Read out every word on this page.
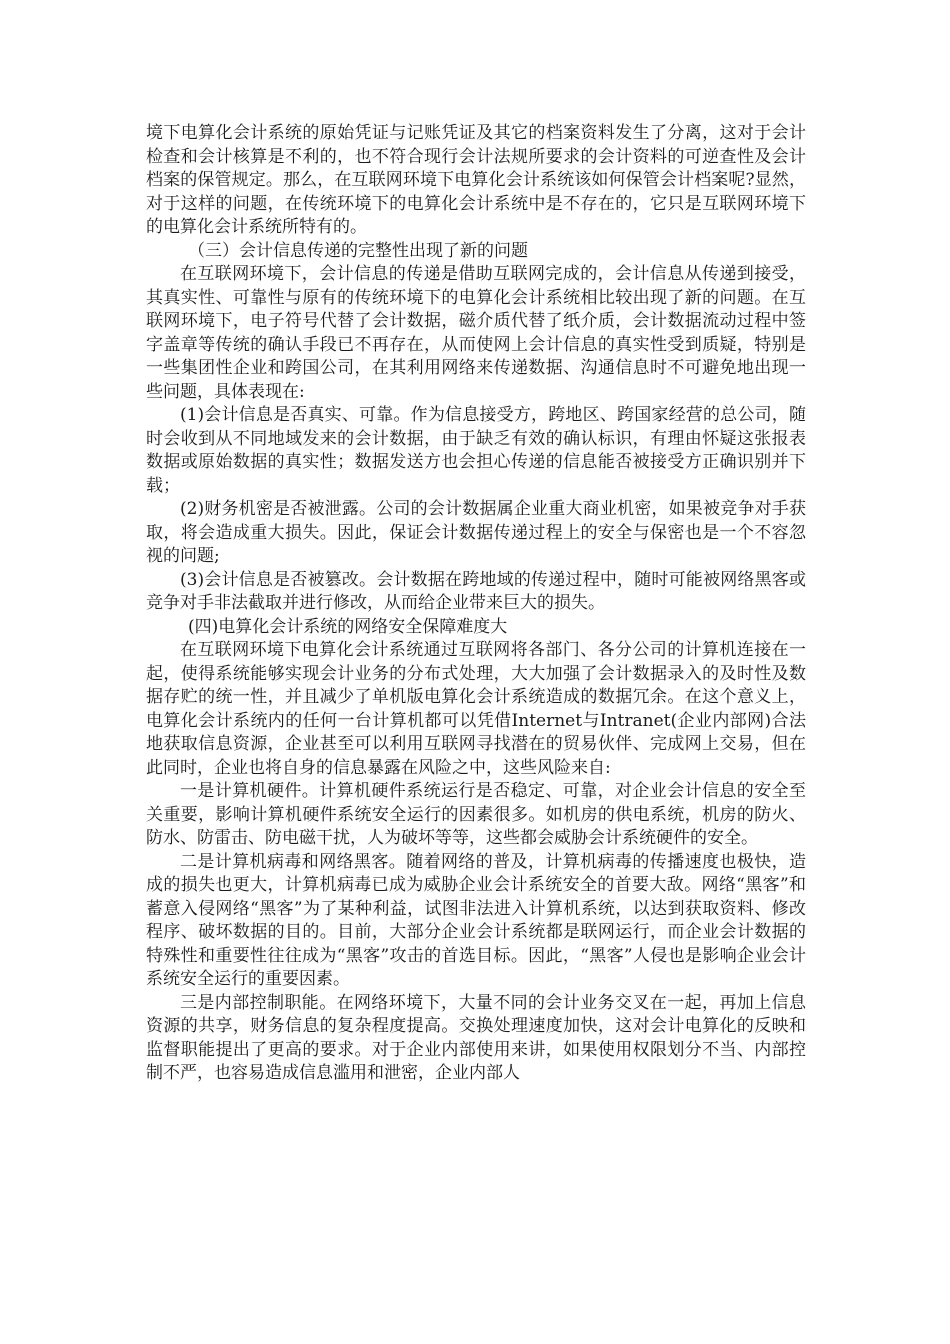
境下电算化会计系统的原始凭证与记账凭证及其它的档案资料发生了分离，这对于会计检查和会计核算是不利的，也不符合现行会计法规所要求的会计资料的可逆查性及会计档案的保管规定。那么，在互联网环境下电算化会计系统该如何保管会计档案呢?显然，对于这样的问题，在传统环境下的电算化会计系统中是不存在的，它只是互联网环境下的电算化会计系统所特有的。

（三）会计信息传递的完整性出现了新的问题

在互联网环境下，会计信息的传递是借助互联网完成的，会计信息从传递到接受，其真实性、可靠性与原有的传统环境下的电算化会计系统相比较出现了新的问题。在互联网环境下，电子符号代替了会计数据，磁介质代替了纸介质，会计数据流动过程中签字盖章等传统的确认手段已不再存在，从而使网上会计信息的真实性受到质疑，特别是一些集团性企业和跨国公司，在其利用网络来传递数据、沟通信息时不可避免地出现一些问题，具体表现在:

(1)会计信息是否真实、可靠。作为信息接受方，跨地区、跨国家经营的总公司，随时会收到从不同地域发来的会计数据，由于缺乏有效的确认标识，有理由怀疑这张报表数据或原始数据的真实性；数据发送方也会担心传递的信息能否被接受方正确识别并下载；

(2)财务机密是否被泄露。公司的会计数据属企业重大商业机密，如果被竞争对手获取，将会造成重大损失。因此，保证会计数据传递过程上的安全与保密也是一个不容忽视的问题;

(3)会计信息是否被篡改。会计数据在跨地域的传递过程中，随时可能被网络黑客或竞争对手非法截取并进行修改，从而给企业带来巨大的损失。

(四)电算化会计系统的网络安全保障难度大

在互联网环境下电算化会计系统通过互联网将各部门、各分公司的计算机连接在一起，使得系统能够实现会计业务的分布式处理，大大加强了会计数据录入的及时性及数据存贮的统一性，并且减少了单机版电算化会计系统造成的数据冗余。在这个意义上，电算化会计系统内的任何一台计算机都可以凭借Internet与Intranet(企业内部网)合法地获取信息资源，企业甚至可以利用互联网寻找潜在的贸易伙伴、完成网上交易，但在此同时，企业也将自身的信息暴露在风险之中，这些风险来自:

一是计算机硬件。计算机硬件系统运行是否稳定、可靠，对企业会计信息的安全至关重要，影响计算机硬件系统安全运行的因素很多。如机房的供电系统，机房的防火、防水、防雷击、防电磁干扰，人为破坏等等，这些都会威胁会计系统硬件的安全。

二是计算机病毒和网络黑客。随着网络的普及，计算机病毒的传播速度也极快，造成的损失也更大，计算机病毒已成为威胁企业会计系统安全的首要大敌。网络“黑客”和蓄意入侵网络“黑客”为了某种利益，试图非法进入计算机系统，以达到获取资料、修改程序、破坏数据的目的。目前，大部分企业会计系统都是联网运行，而企业会计数据的特殊性和重要性往往成为“黑客”攻击的首选目标。因此，“黑客”人侵也是影响企业会计系统安全运行的重要因素。

三是内部控制职能。在网络环境下，大量不同的会计业务交叉在一起，再加上信息资源的共享，财务信息的复杂程度提高。交换处理速度加快，这对会计电算化的反映和监督职能提出了更高的要求。对于企业内部使用来讲，如果使用权限划分不当、内部控制不严，也容易造成信息滥用和泄密，企业内部人
